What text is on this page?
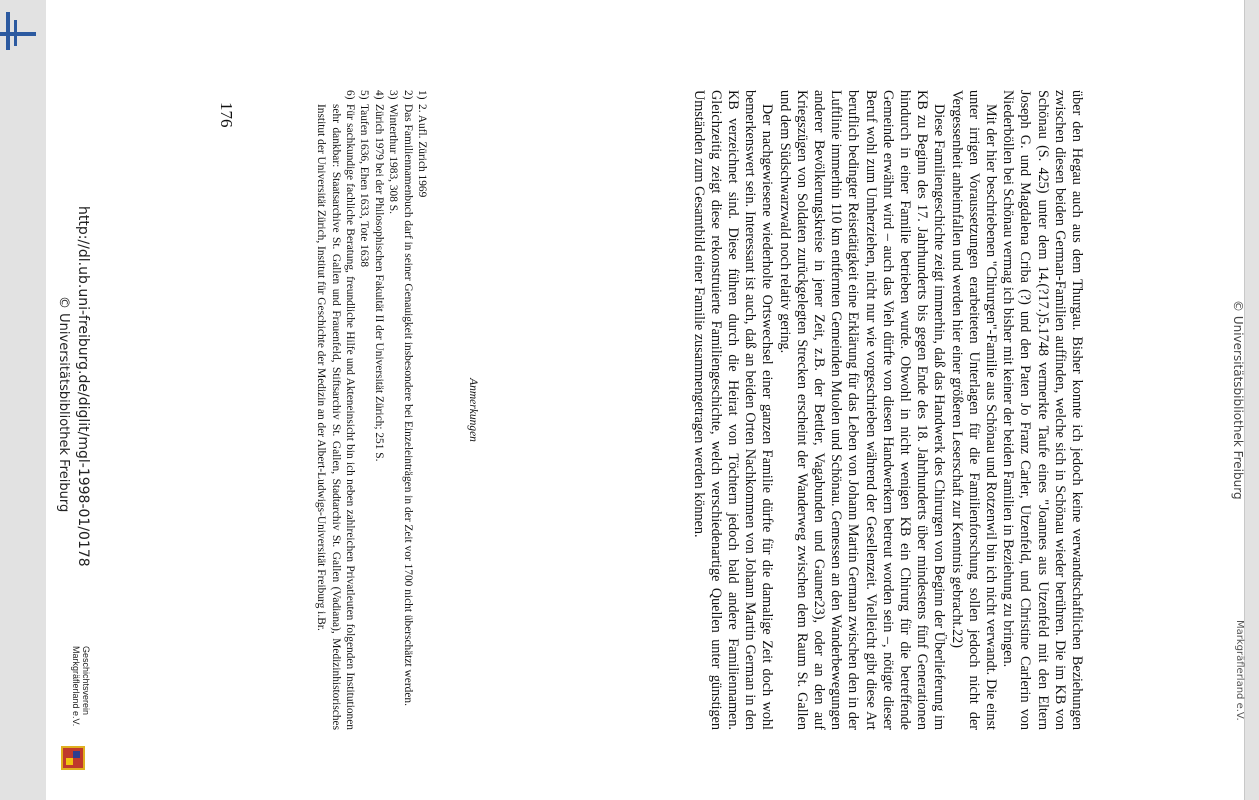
© Universitätsbibliothek Freiburg
Markgräflerland e.V.

über den Hegau auch aus dem Thurgau. Bisher konnte ich jedoch keine verwandtschaftlichen Beziehungen zwischen diesen beiden German-Familien auffinden, welche sich in Schönau wieder berühren. Die im KB von Schönau (S. 425) unter dem 14.(?17.)5.1748 vermerkte Taufe eines "Joannes aus Utzenfeld mit den Eltern Joseph G. und Magdalena Criba (?) und den Paten Jo Franz Carler, Utzenfeld, und Christine Carlerin von Niederböllen bei Schönau vermag ich bisher mit keiner der beiden Familien in Beziehung zu bringen.

Mit der hier beschriebenen "Chirurgen"-Familie aus Schönau und Rotzenwil bin ich nicht verwandt. Die einst unter irrigen Voraussetzungen erarbeiteten Unterlagen für die Familienforschung sollen jedoch nicht der Vergessenheit anheimfallen und werden hier einer größeren Leserschaft zur Kenntnis gebracht.22)

Diese Familiengeschichte zeigt immerhin, daß das Handwerk des Chirurgen von Beginn der Überlieferung im KB zu Beginn des 17. Jahrhunderts bis gegen Ende des 18. Jahrhunderts über mindestens fünf Generationen hindurch in einer Familie betrieben wurde. Obwohl in nicht wenigen KB ein Chirurg für die betreffende Gemeinde erwähnt wird – auch das Vieh dürfte von diesen Handwerkern betreut worden sein –, nötigte dieser Beruf wohl zum Umherziehen, nicht nur wie vorgeschrieben während der Gesellenzeit. Vielleicht gibt diese Art beruflich bedingter Reisetätigkeit eine Erklärung für das Leben von Johann Martin German zwischen den in der Luftlinie immerhin 110 km entfernten Gemeinden Muolen und Schönau. Gemessen an den Wanderbewegungen anderer Bevölkerungskreise in jener Zeit, z.B. der Bettler, Vagabunden und Gauner23), oder an den auf Kriegszügen von Soldaten zurückgelegten Strecken erscheint der Wanderweg zwischen dem Raum St. Gallen und dem Südschwarzwald noch relativ gering.

Der nachgewiesene wiederholte Ortswechsel einer ganzen Familie dürfte für die damalige Zeit doch wohl bemerkenswert sein. Interessant ist auch, daß an beiden Orten Nachkommen von Johann Martin German in den KB verzeichnet sind. Diese führen durch die Heirat von Töchtern jedoch bald andere Familiennamen. Gleichzeitig zeigt diese rekonstruierte Familiengeschichte, welch verschiedenartige Quellen unter günstigen Umständen zum Gesamtbild einer Familie zusammengetragen werden können.

Anmerkungen
1)
2. Aufl. Zürich 1969
2)
Das Familiennamenbuch darf in seiner Genauigkeit insbesondere bei Einzeleinträgen in der Zeit vor 1700 nicht überschätzt werden.
3)
Winterthur 1983, 308 S.
4)
Zürich 1979 bei der Philosophischen Fakultät II der Universität Zürich; 251 S.
5)
Taufen 1636, Ehen 1633, Tote 1638
6)
Für sachkundige fachliche Beratung, freundliche Hilfe und Akteneinsicht bin ich neben zahlreichen Privatleuten folgenden Institutionen sehr dankbar: Staatsarchive St. Gallen und Frauenfeld, Stiftsarchiv St. Gallen, Stadtarchiv St. Gallen (Vadiana), Medizinhistorisches Institut der Universität Zürich, Institut für Geschichte der Medizin an der Albert-Ludwigs-Universität Freiburg i.Br.
176
http://dl.ub.uni-freiburg.de/diglit/mgl-1998-01/0178
© Universitätsbibliothek Freiburg
Geschichtsverein
Markgräflerland e.V.
